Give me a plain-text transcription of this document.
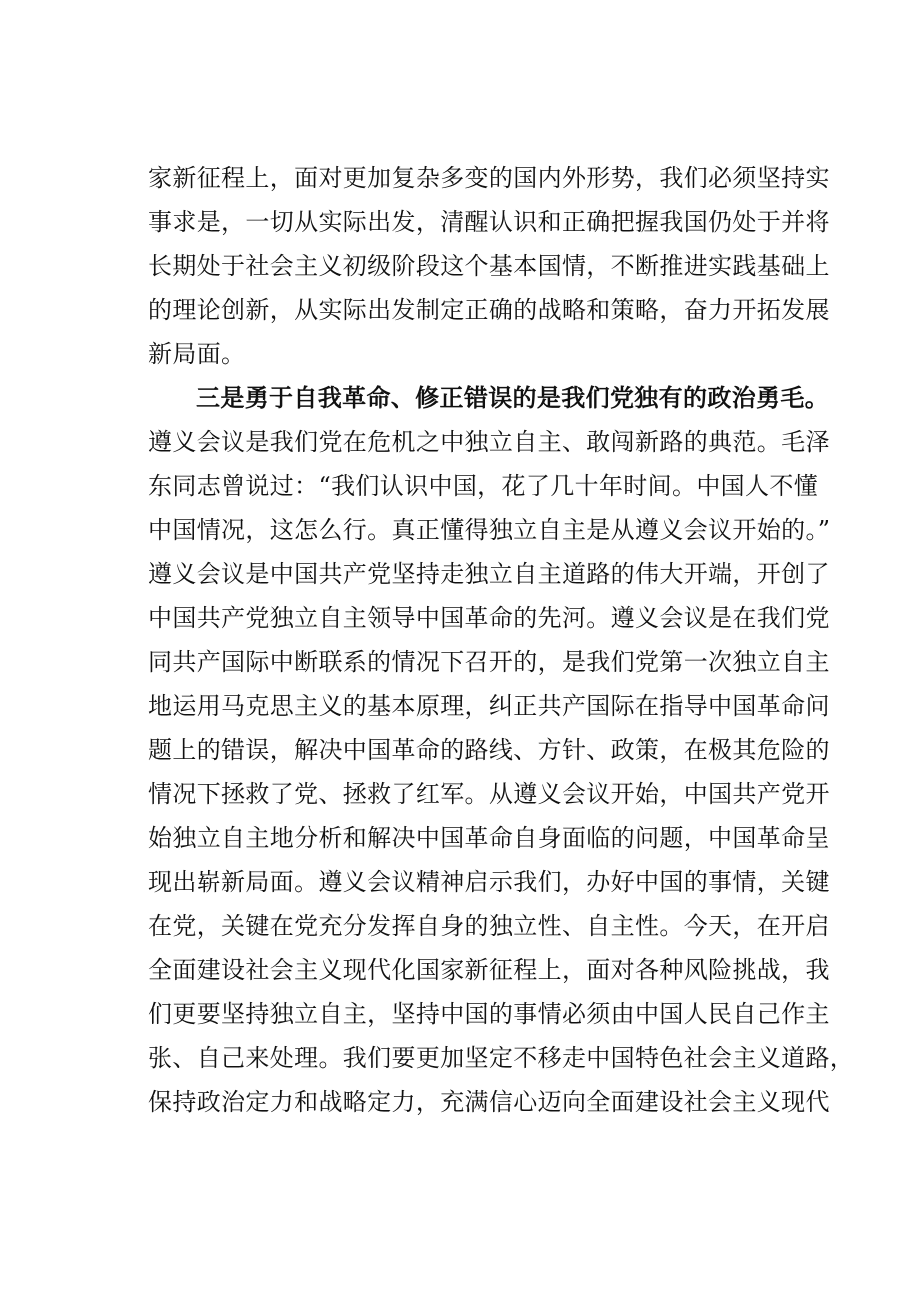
家新征程上，面对更加复杂多变的国内外形势，我们必须坚持实
事求是，一切从实际出发，清醒认识和正确把握我国仍处于并将
长期处于社会主义初级阶段这个基本国情，不断推进实践基础上
的理论创新，从实际出发制定正确的战略和策略，奋力开拓发展
新局面。
三是勇于自我革命、修正错误的是我们党独有的政治勇毛。
遵义会议是我们党在危机之中独立自主、敢闯新路的典范。毛泽
东同志曾说过：“我们认识中国，花了几十年时间。中国人不懂
中国情况，这怎么行。真正懂得独立自主是从遵义会议开始的。”
遵义会议是中国共产党坚持走独立自主道路的伟大开端，开创了
中国共产党独立自主领导中国革命的先河。遵义会议是在我们党
同共产国际中断联系的情况下召开的，是我们党第一次独立自主
地运用马克思主义的基本原理，纠正共产国际在指导中国革命问
题上的错误，解决中国革命的路线、方针、政策，在极其危险的
情况下拯救了党、拯救了红军。从遵义会议开始，中国共产党开
始独立自主地分析和解决中国革命自身面临的问题，中国革命呈
现出崭新局面。遵义会议精神启示我们，办好中国的事情，关键
在党，关键在党充分发挥自身的独立性、自主性。今天，在开启
全面建设社会主义现代化国家新征程上，面对各种风险挑战，我
们更要坚持独立自主，坚持中国的事情必须由中国人民自己作主
张、自己来处理。我们要更加坚定不移走中国特色社会主义道路，
保持政治定力和战略定力，充满信心迈向全面建设社会主义现代
